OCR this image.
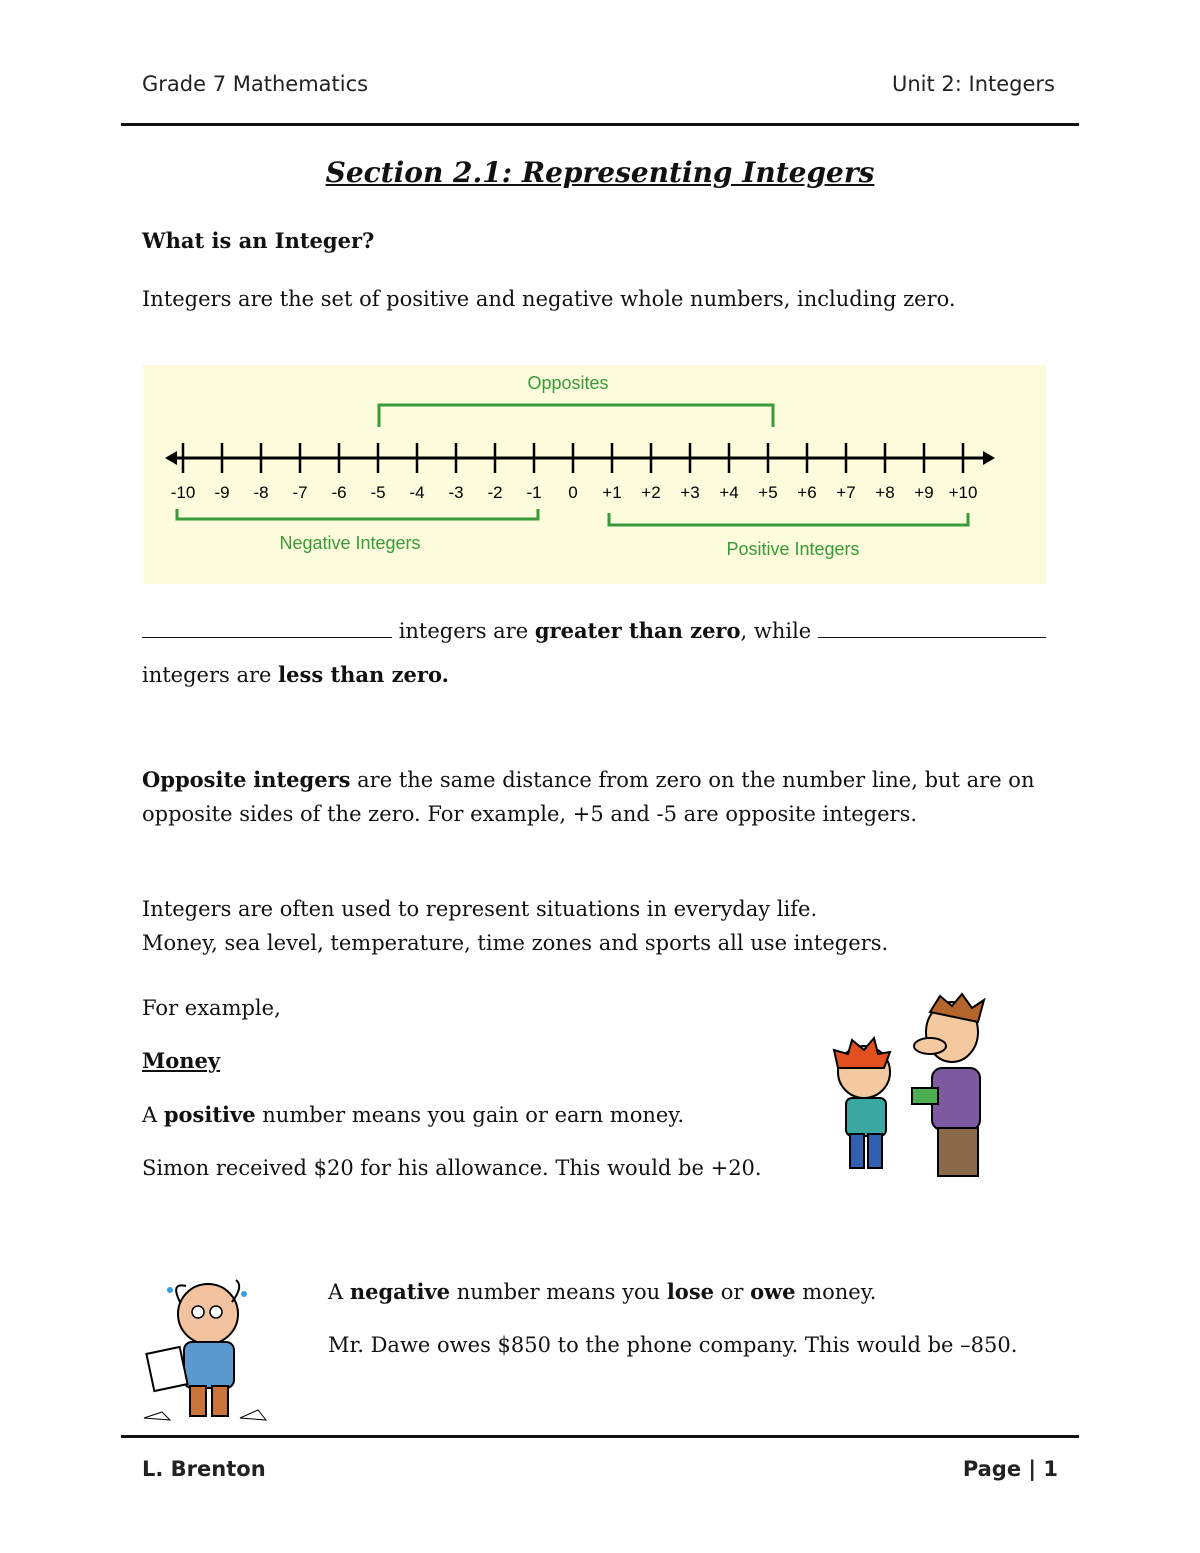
Grade 7 Mathematics	Unit 2: Integers
Section 2.1: Representing Integers
What is an Integer?
Integers are the set of positive and negative whole numbers, including zero.
Opposites
-10 -9 -8 -7 -6 -5 -4 -3 -2 -1 0 +1 +2 +3 +4 +5 +6 +7 +8 +9 +10
Negative Integers	Positive Integers
integers are greater than zero, while
integers are less than zero.
Opposite integers are the same distance from zero on the number line, but are on
opposite sides of the zero. For example, +5 and -5 are opposite integers.
Integers are often used to represent situations in everyday life.
Money, sea level, temperature, time zones and sports all use integers.
For example,
Money
A positive number means you gain or earn money.
Simon received $20 for his allowance. This would be +20.
A negative number means you lose or owe money.
Mr. Dawe owes $850 to the phone company. This would be –850.
L. Brenton	Page | 1
